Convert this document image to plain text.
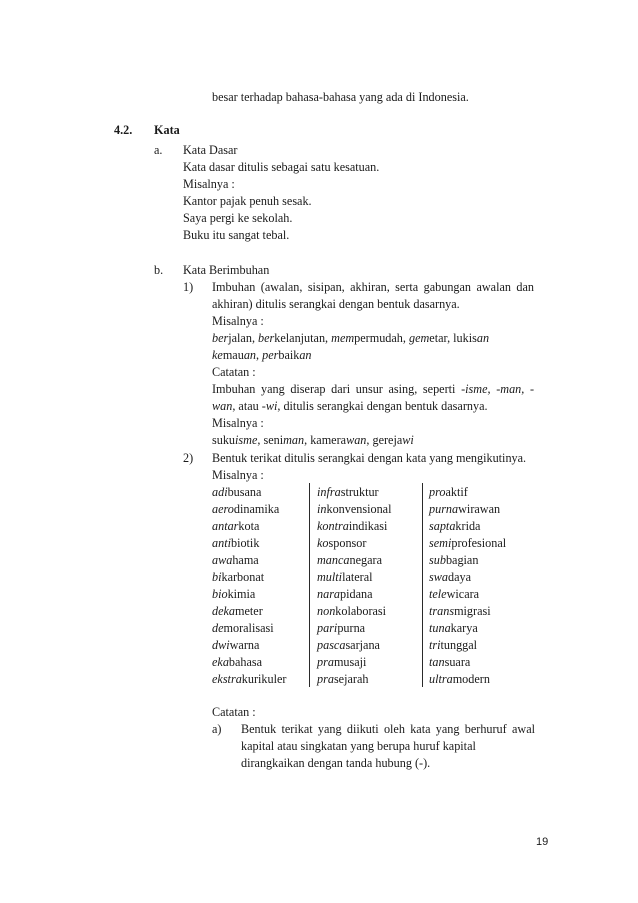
besar terhadap bahasa-bahasa yang ada di Indonesia.
4.2. Kata
a. Kata Dasar
Kata dasar ditulis sebagai satu kesatuan.
Misalnya :
Kantor pajak penuh sesak.
Saya pergi ke sekolah.
Buku itu sangat tebal.
b. Kata Berimbuhan
1) Imbuhan (awalan, sisipan, akhiran, serta gabungan awalan dan
akhiran) ditulis serangkai dengan bentuk dasarnya.
Misalnya :
berjalan, berkelanjutan, mempermudah, gemetar, lukisan
kemauan, perbaikan
Catatan :
Imbuhan yang diserap dari unsur asing, seperti -isme, -man, -
wan, atau -wi, ditulis serangkai dengan bentuk dasarnya.
Misalnya :
sukuisme, seniman, kamerawan, gerejawi
2) Bentuk terikat ditulis serangkai dengan kata yang mengikutinya.
Misalnya :
Catatan :
a) Bentuk terikat yang diikuti oleh kata yang berhuruf awal
kapital atau singkatan yang berupa huruf kapital
dirangkaikan dengan tanda hubung (-).
19
adibusana
aerodinamika
antarkota
antibiotik
awahama
bikarbonat
biokimia
dekameter
demoralisasi
dwiwarna
ekabahasa
ekstrakurikuler
infrastruktur
inkonvensional
kontraindikasi
kosponsor
mancanegara
multilateral
narapidana
nonkolaborasi
paripurna
pascasarjana
pramusaji
prasejarah
proaktif
purnawirawan
saptakrida
semiprofesional
subbagian
swadaya
telewicara
transmigrasi
tunakarya
tritunggal
tansuara
ultramodern
